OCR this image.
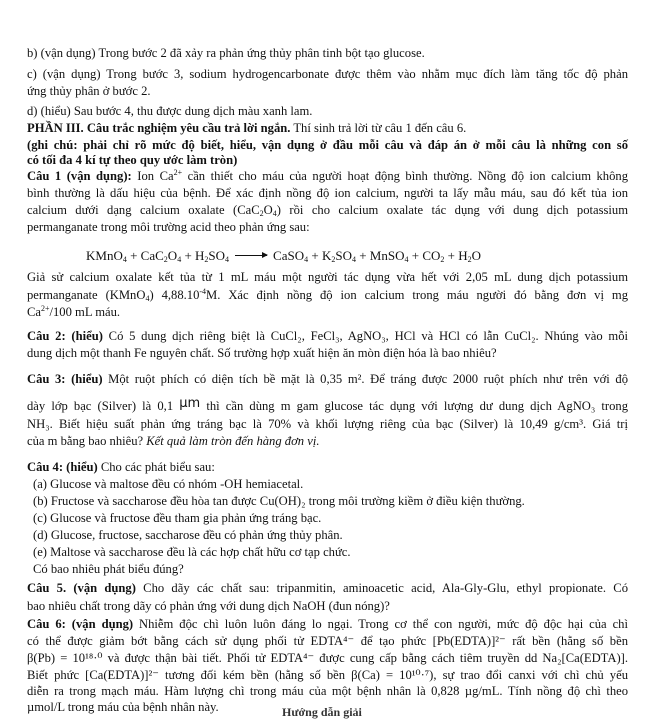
b) (vận dụng) Trong bước 2 đã xảy ra phản ứng thủy phân tinh bột tạo glucose.
c) (vận dụng) Trong bước 3, sodium hydrogencarbonate được thêm vào nhằm mục đích làm tăng tốc độ phản
ứng thủy phân ở bước 2.
d) (hiểu) Sau bước 4, thu được dung dịch màu xanh lam.
PHẦN III. Câu trắc nghiệm yêu cầu trả lời ngắn. Thí sinh trả lời từ câu 1 đến câu 6.
(ghi chú: phải chỉ rõ mức độ biết, hiểu, vận dụng ở đầu mỗi câu và đáp án ở mỗi câu là những con số
có tối đa 4 kí tự theo quy ước làm tròn)
Câu 1 (vận dụng): Ion $Ca^{2+}$ cần thiết cho máu của người hoạt động bình thường. Nồng độ ion calcium không
bình thường là dấu hiệu của bệnh. Để xác định nồng độ ion calcium, người ta lấy mẫu máu, sau đó kết tủa ion
calcium dưới dạng calcium oxalate $(CaC_2O_4)$ rồi cho calcium oxalate tác dụng với dung dịch potassium
permanganate trong môi trường acid theo phản ứng sau:
KMnO$_4$ + $CaC_2O_4 + H_2SO_4$ → CaSO$_4$ + $K_2SO_4$ + MnSO$_4$ + $CO_2 + H_2O$
Giả sử calcium oxalate kết tủa từ 1 mL máu một người tác dụng vừa hết với 2,05 mL dung dịch potassium
permanganate (KMnO$_4$) $4,88.10^{-4}M$. Xác định nồng độ ion calcium trong máu người đó bằng đơn vị mg
$Ca^{2+}/100$ mL máu.
Câu 2: (hiểu) Có 5 dung dịch riêng biệt là CuCl₂, FeCl₃, AgNO₃, HCl và HCl có lẫn CuCl₂. Nhúng vào mỗi
dung dịch một thanh Fe nguyên chất. Số trường hợp xuất hiện ăn mòn điện hóa là bao nhiêu?
Câu 3: (hiểu) Một ruột phích có diện tích bề mặt là 0,35 m². Để tráng được 2000 ruột phích như trên với độ
dày lớp bạc (Silver) là 0,1 μm thì cần dùng m gam glucose tác dụng với lượng dư dung dịch AgNO₃ trong
NH₃. Biết hiệu suất phản ứng tráng bạc là 70% và khối lượng riêng của bạc (Silver) là 10,49 g/cm³. Giá trị
của m bằng bao nhiêu? Kết quả làm tròn đến hàng đơn vị.
Câu 4: (hiểu) Cho các phát biểu sau:
(a) Glucose và maltose đều có nhóm -OH hemiacetal.
(b) Fructose và saccharose đều hòa tan được Cu(OH)₂ trong môi trường kiềm ở điều kiện thường.
(c) Glucose và fructose đều tham gia phản ứng tráng bạc.
(d) Glucose, fructose, saccharose đều có phản ứng thủy phân.
(e) Maltose và saccharose đều là các hợp chất hữu cơ tạp chức.
Có bao nhiêu phát biểu đúng?
Câu 5. (vận dụng) Cho dãy các chất sau: tripanmitin, aminoacetic acid, Ala-Gly-Glu, ethyl propionate. Có
bao nhiêu chất trong dãy có phản ứng với dung dịch NaOH (đun nóng)?
Câu 6: (vận dụng) Nhiễm độc chì luôn luôn đáng lo ngại. Trong cơ thể con người, mức độ độc hại của chì
có thể được giảm bớt bằng cách sử dụng phối tử EDTA⁴⁻ để tạo phức [Pb(EDTA)]²⁻ rất bền (hằng số bền
β(Pb) = 10¹⁸·⁰ và được thận bài tiết. Phối tử EDTA⁴⁻ được cung cấp bằng cách tiêm truyền dd Na₂[Ca(EDTA)].
Biết phức [Ca(EDTA)]²⁻ tương đối kém bền (hằng số bền β(Ca) = 10¹⁰·⁷), sự trao đổi canxi với chì chủ yếu
diễn ra trong mạch máu. Hàm lượng chì trong máu của một bệnh nhân là 0,828 µg/mL. Tính nồng độ chì theo
µmol/L trong máu của bệnh nhân này.	Hướng dẫn giải
